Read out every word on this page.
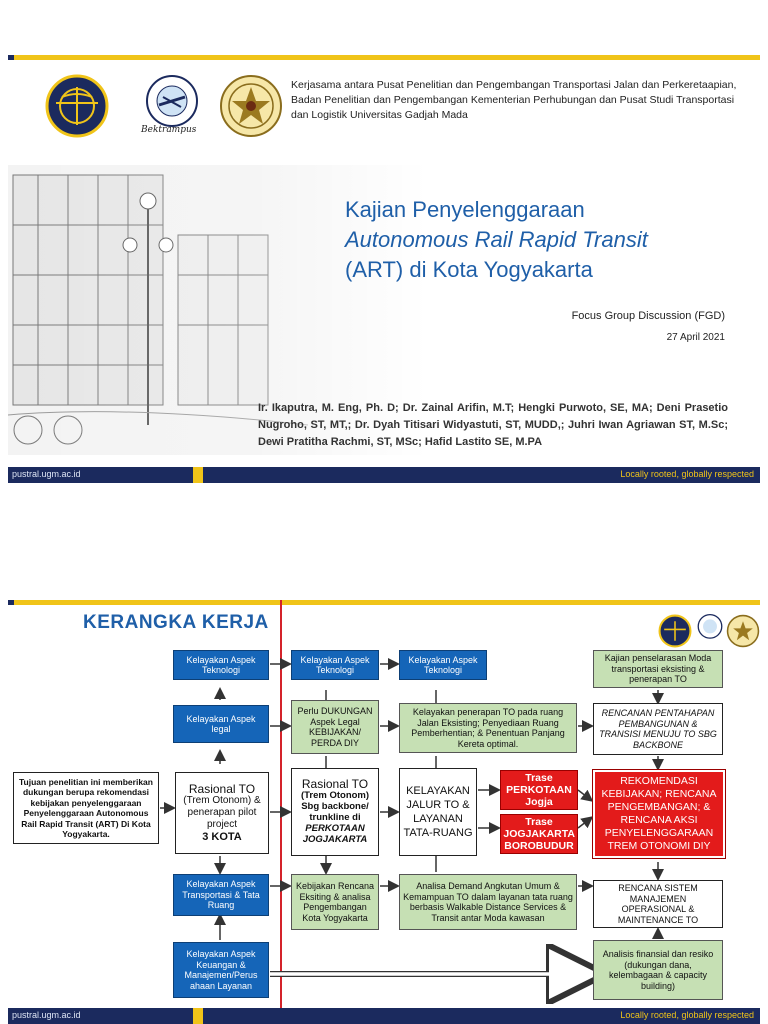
Bektrampus
Kerjasama antara Pusat Penelitian dan Pengembangan Transportasi Jalan dan Perkeretaapian, Badan Penelitian dan Pengembangan Kementerian Perhubungan dan Pusat Studi Transportasi dan Logistik Universitas Gadjah Mada
Kajian Penyelenggaraan
Autonomous Rail Rapid Transit
(ART) di Kota Yogyakarta
Focus Group Discussion (FGD)
27 April 2021
Ir. Ikaputra, M. Eng, Ph. D; Dr. Zainal Arifin, M.T; Hengki Purwoto, SE, MA; Deni Prasetio Nugroho, ST, MT,; Dr. Dyah Titisari Widyastuti, ST, MUDD,; Juhri Iwan Agriawan ST, M.Sc; Dewi Pratitha Rachmi, ST, MSc; Hafid Lastito SE, M.PA
pustral.ugm.ac.id	Locally rooted, globally respected
KERANGKA KERJA
Kelayakan Aspek Teknologi
Kelayakan Aspek Teknologi
Kelayakan Aspek Teknologi
Kajian penselarasan Moda transportasi eksisting & penerapan TO
Kelayakan Aspek legal
Perlu DUKUNGAN Aspek Legal KEBIJAKAN/ PERDA DIY
Kelayakan penerapan TO pada ruang Jalan Eksisting; Penyediaan Ruang Pemberhentian; & Penentuan Panjang Kereta optimal.
RENCANAN PENTAHAPAN PEMBANGUNAN & TRANSISI MENUJU TO SBG BACKBONE
Tujuan penelitian ini memberikan dukungan berupa rekomendasi kebijakan penyelenggaraan Penyelenggaraan Autonomous Rail Rapid Transit (ART) Di Kota Yogyakarta.
Rasional TO
(Trem Otonom) & penerapan pilot project
3 KOTA
Rasional TO
(Trem Otonom) Sbg backbone/ trunkline di
PERKOTAAN JOGJAKARTA
KELAYAKAN JALUR TO & LAYANAN TATA-RUANG
Trase PERKOTAAN Jogja
Trase JOGJAKARTA BOROBUDUR
REKOMENDASI KEBIJAKAN; RENCANA PENGEMBANGAN; & RENCANA AKSI PENYELENGGARAAN TREM OTONOMI DIY
Kelayakan Aspek Transportasi & Tata Ruang
Kebijakan Rencana Eksiting & analisa Pengembangan Kota Yogyakarta
Analisa Demand Angkutan Umum & Kemampuan TO dalam layanan tata ruang berbasis Walkable Distance Services & Transit antar Moda kawasan
RENCANA SISTEM MANAJEMEN OPERASIONAL & MAINTENANCE TO
Kelayakan Aspek Keuangan & Manajemen/Perus ahaan Layanan
Analisis finansial dan resiko (dukungan dana, kelembagaan & capacity building)
pustral.ugm.ac.id	Locally rooted, globally respected
